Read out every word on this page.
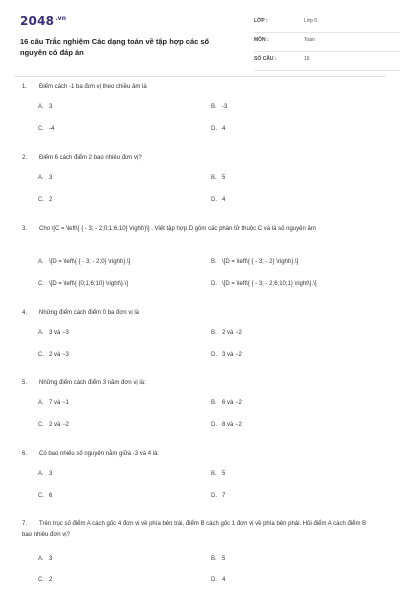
$2048^{.vn}$
16 câu Trắc nghiệm Các dạng toán về tập hợp các số nguyên có đáp án
LỚP :	Lớp 6
MÔN :	Toán
SỐ CÂU :	16
1. Điểm cách -1 ba đơn vị theo chiều âm là
A. 3	B. -3
C. -4	D. 4
2. Điểm 6 cách điểm 2 bao nhiêu đơn vị?
A. 3	B. 5
C. 2	D. 4
3. Cho \[C = \left\{ { - 3; - 2;0;1;6;10} \right\}\] . Viết tập hợp D gồm các phần tử thuộc C và là số nguyên âm
A. \[D = \left\{ { - 3; - 2;0} \right\}.\]	B. \[D = \left\{ { - 3; - 2} \right\}.\]
C. \[D = \left\{ {0;1;6;10} \right\}.\]	D. \[D = \left\{ { - 3; - 2;6;10;1} \right\}.\]
4. Những điểm cách điểm 0 ba đơn vị là
A. 3 và −3	B. 2 và −2
C. 2 và −3	D. 3 và −2
5. Những điểm cách điểm 3 năm đơn vị là:
A. 7 và −1	B. 6 và −2
C. 2 và −2	D. 8 và −2
6. Có bao nhiêu số nguyên nằm giữa -3 và 4 là:
A. 3	B. 5
C. 6	D. 7
7. Trên trục số điểm A cách gốc 4 đơn vị về phía bên trái, điểm B cách gốc 1 đơn vị về phía bên phải. Hỏi điểm A cách điểm B bao nhiêu đơn vị?
A. 3	B. 5
C. 2	D. 4
